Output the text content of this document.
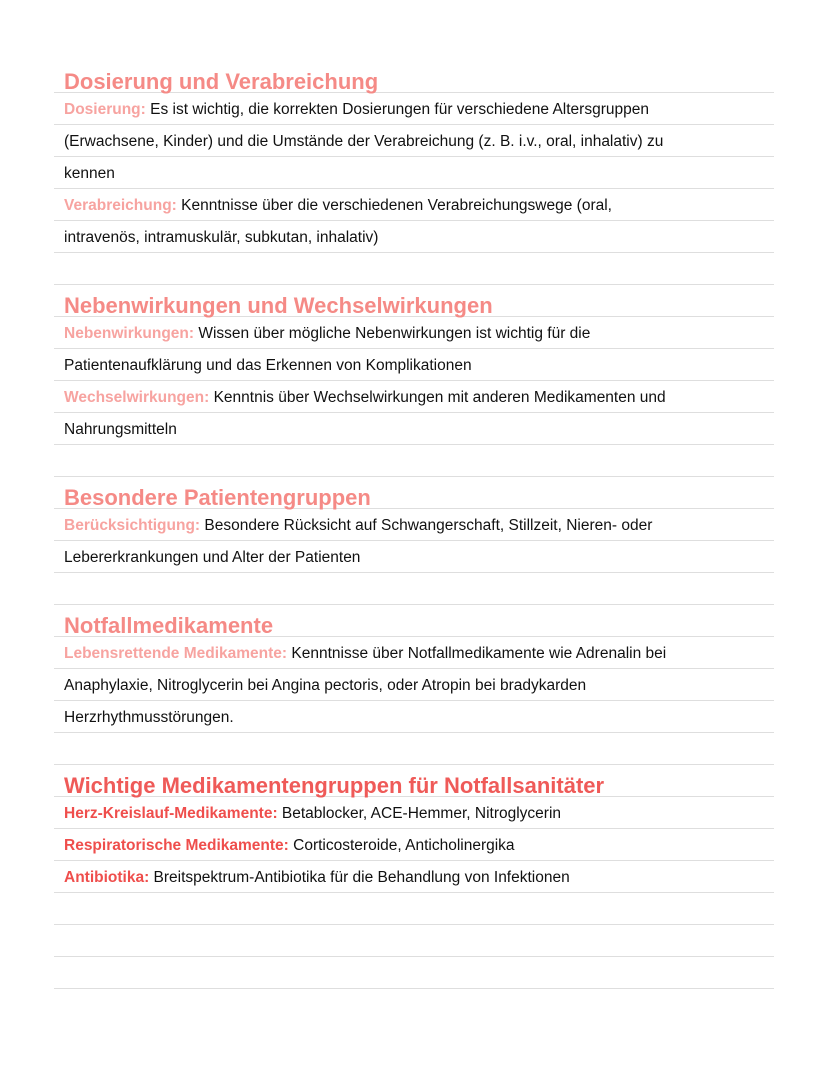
Dosierung und Verabreichung
Dosierung: Es ist wichtig, die korrekten Dosierungen für verschiedene Altersgruppen
(Erwachsene, Kinder) und die Umstände der Verabreichung (z. B. i.v., oral, inhalativ) zu
kennen
Verabreichung: Kenntnisse über die verschiedenen Verabreichungswege (oral,
intravenös, intramuskulär, subkutan, inhalativ)
Nebenwirkungen und Wechselwirkungen
Nebenwirkungen: Wissen über mögliche Nebenwirkungen ist wichtig für die
Patientenaufklärung und das Erkennen von Komplikationen
Wechselwirkungen: Kenntnis über Wechselwirkungen mit anderen Medikamenten und
Nahrungsmitteln
Besondere Patientengruppen
Berücksichtigung: Besondere Rücksicht auf Schwangerschaft, Stillzeit, Nieren- oder
Lebererkrankungen und Alter der Patienten
Notfallmedikamente
Lebensrettende Medikamente: Kenntnisse über Notfallmedikamente wie Adrenalin bei
Anaphylaxie, Nitroglycerin bei Angina pectoris, oder Atropin bei bradykarden
Herzrhythmusstörungen.
Wichtige Medikamentengruppen für Notfallsanitäter
Herz-Kreislauf-Medikamente: Betablocker, ACE-Hemmer, Nitroglycerin
Respiratorische Medikamente: Corticosteroide, Anticholinergika
Antibiotika: Breitspektrum-Antibiotika für die Behandlung von Infektionen
